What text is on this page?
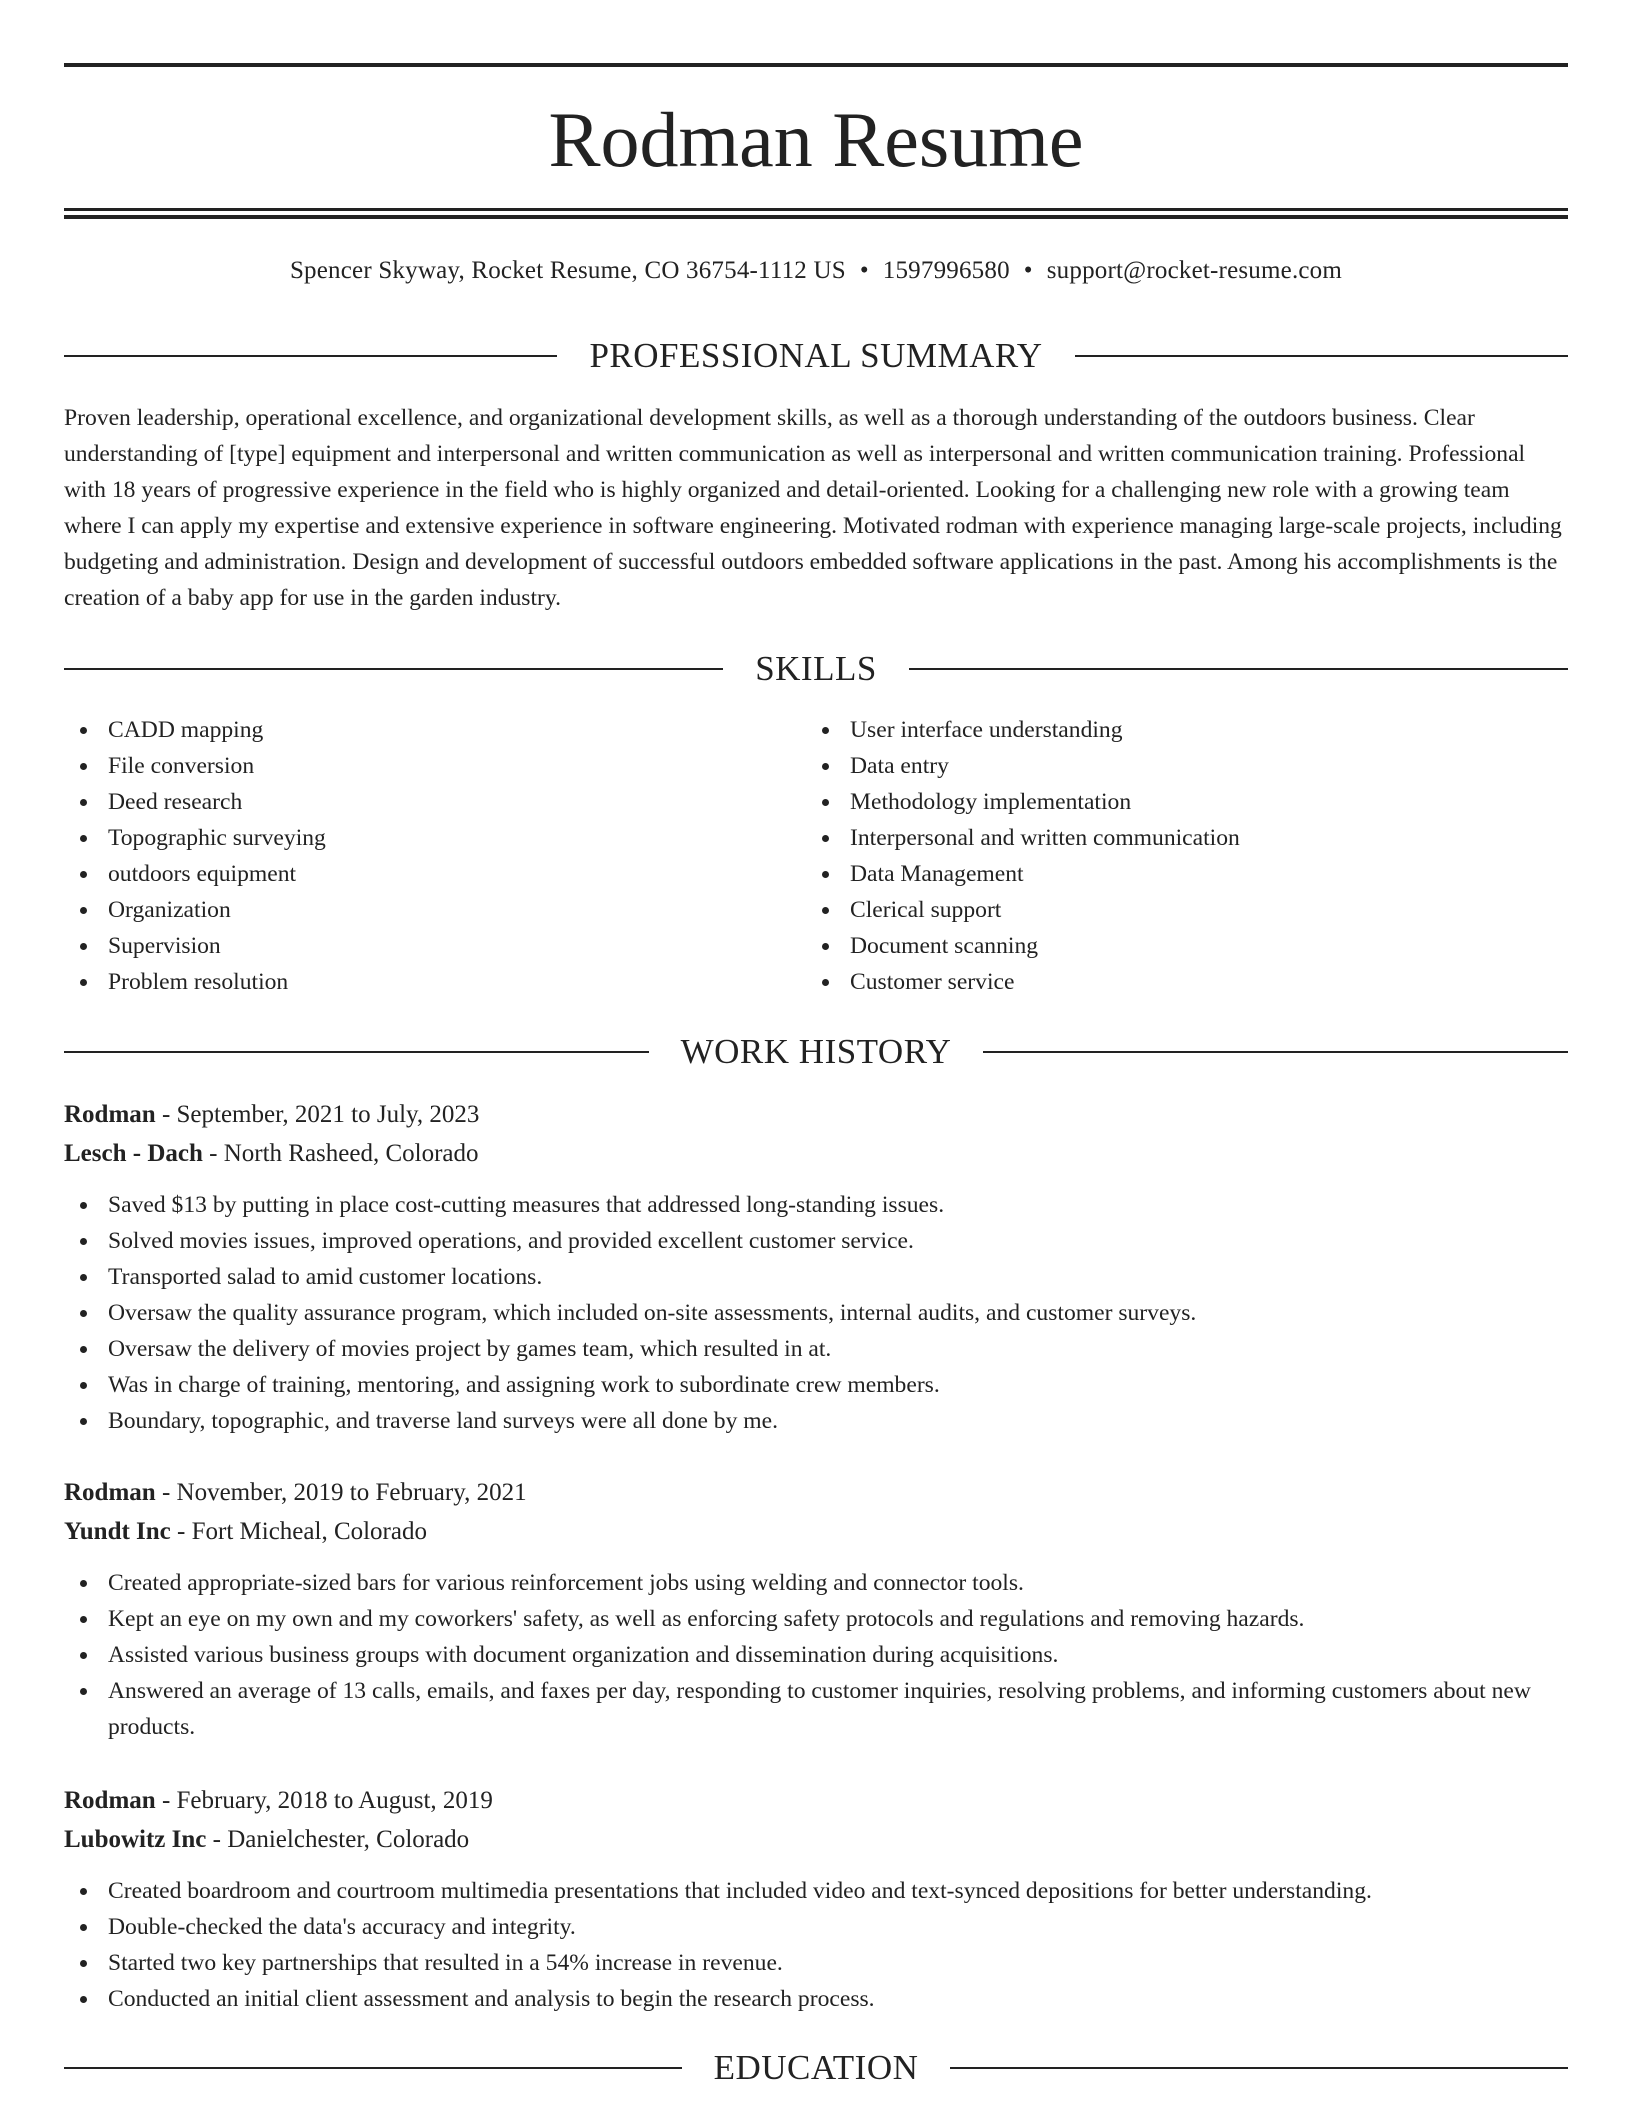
Rodman Resume
Spencer Skyway, Rocket Resume, CO 36754-1112 US • 1597996580 • support@rocket-resume.com
PROFESSIONAL SUMMARY

Proven leadership, operational excellence, and organizational development skills, as well as a thorough understanding of the outdoors business. Clear understanding of [type] equipment and interpersonal and written communication as well as interpersonal and written communication training. Professional with 18 years of progressive experience in the field who is highly organized and detail-oriented. Looking for a challenging new role with a growing team where I can apply my expertise and extensive experience in software engineering. Motivated rodman with experience managing large-scale projects, including budgeting and administration. Design and development of successful outdoors embedded software applications in the past. Among his accomplishments is the creation of a baby app for use in the garden industry.

SKILLS
CADD mapping
File conversion
Deed research
Topographic surveying
outdoors equipment
Organization
Supervision
Problem resolution
User interface understanding
Data entry
Methodology implementation
Interpersonal and written communication
Data Management
Clerical support
Document scanning
Customer service
WORK HISTORY
Rodman - September, 2021 to July, 2023
Lesch - Dach - North Rasheed, Colorado
Saved $13 by putting in place cost-cutting measures that addressed long-standing issues.
Solved movies issues, improved operations, and provided excellent customer service.
Transported salad to amid customer locations.
Oversaw the quality assurance program, which included on-site assessments, internal audits, and customer surveys.
Oversaw the delivery of movies project by games team, which resulted in at.
Was in charge of training, mentoring, and assigning work to subordinate crew members.
Boundary, topographic, and traverse land surveys were all done by me.
Rodman - November, 2019 to February, 2021
Yundt Inc - Fort Micheal, Colorado
Created appropriate-sized bars for various reinforcement jobs using welding and connector tools.
Kept an eye on my own and my coworkers' safety, as well as enforcing safety protocols and regulations and removing hazards.
Assisted various business groups with document organization and dissemination during acquisitions.
Answered an average of 13 calls, emails, and faxes per day, responding to customer inquiries, resolving problems, and informing customers about new products.
Rodman - February, 2018 to August, 2019
Lubowitz Inc - Danielchester, Colorado
Created boardroom and courtroom multimedia presentations that included video and text-synced depositions for better understanding.
Double-checked the data's accuracy and integrity.
Started two key partnerships that resulted in a 54% increase in revenue.
Conducted an initial client assessment and analysis to begin the research process.
EDUCATION
